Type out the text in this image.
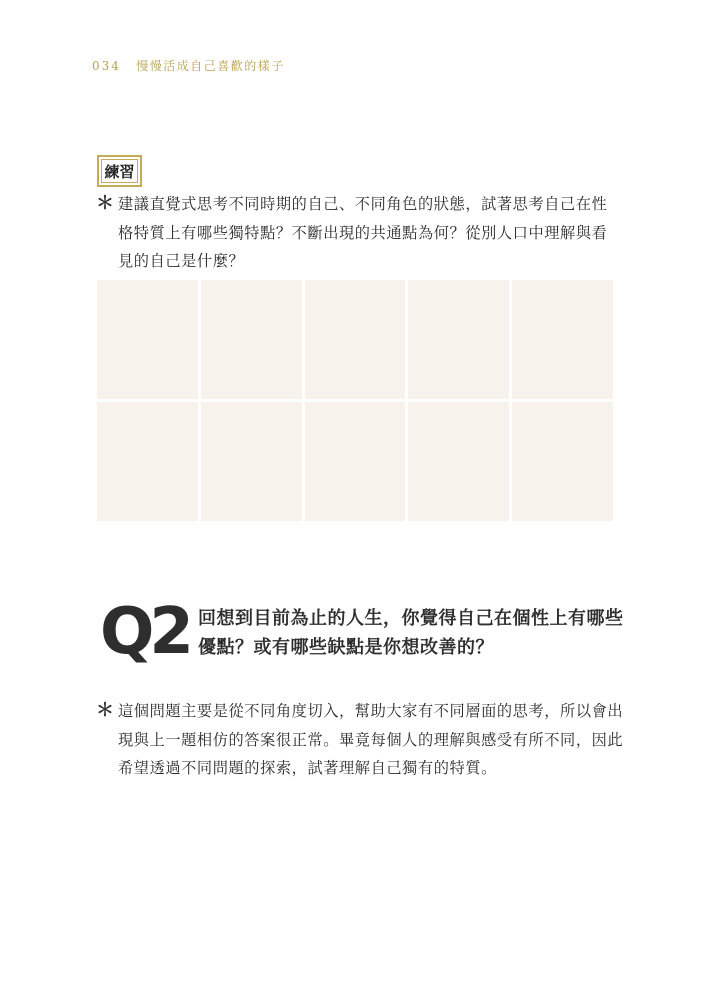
034 慢慢活成自己喜歡的樣子
練習
＊ 建議直覺式思考不同時期的自己、不同角色的狀態，試著思考自己在性格特質上有哪些獨特點？不斷出現的共通點為何？從別人口中理解與看見的自己是什麼？
Q2 回想到目前為止的人生，你覺得自己在個性上有哪些優點？或有哪些缺點是你想改善的？
＊ 這個問題主要是從不同角度切入，幫助大家有不同層面的思考，所以會出現與上一題相仿的答案很正常。畢竟每個人的理解與感受有所不同，因此希望透過不同問題的探索，試著理解自己獨有的特質。
